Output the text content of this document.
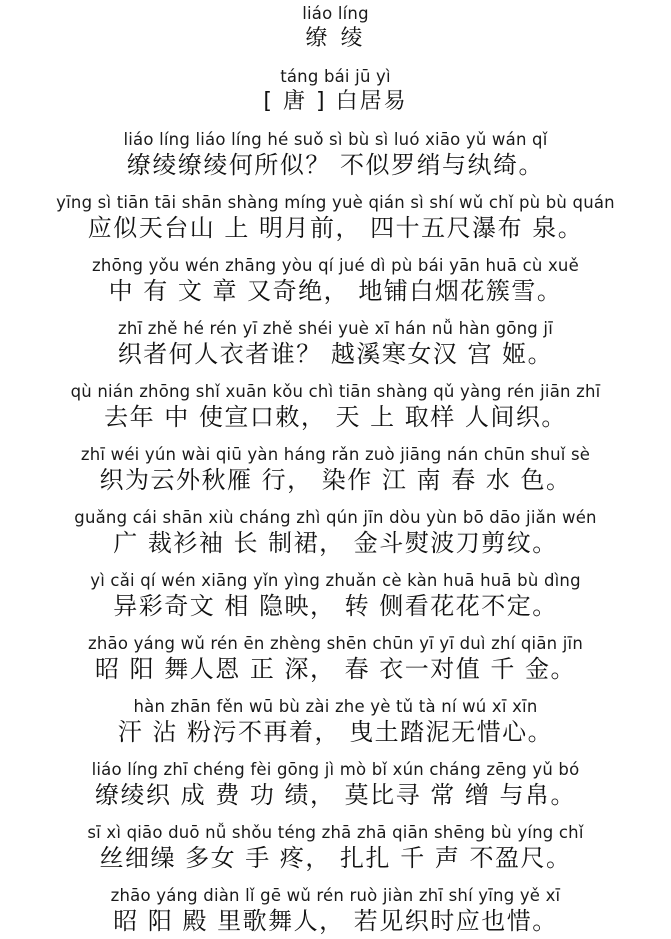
liáo líng
缭 绫
táng bái jū yì
[ 唐 ] 白居易
liáo líng liáo líng hé suǒ sì bù sì luó xiāo yǔ wán qǐ
缭绫缭绫何所似？ 不似罗绡与纨绮。
yīng sì tiān tāi shān shàng míng yuè qián sì shí wǔ chǐ pù bù quán
应似天台山 上 明月前， 四十五尺瀑布 泉。
zhōng yǒu wén zhāng yòu qí jué dì pù bái yān huā cù xuě
中 有 文 章 又奇绝， 地铺白烟花簇雪。
zhī zhě hé rén yī zhě shéi yuè xī hán nǚ hàn gōng jī
织者何人衣者谁？ 越溪寒女汉 宫 姬。
qù nián zhōng shǐ xuān kǒu chì tiān shàng qǔ yàng rén jiān zhī
去年 中 使宣口敕， 天 上 取样 人间织。
zhī wéi yún wài qiū yàn háng rǎn zuò jiāng nán chūn shuǐ sè
织为云外秋雁 行， 染作 江 南 春 水 色。
guǎng cái shān xiù cháng zhì qún jīn dòu yùn bō dāo jiǎn wén
广 裁衫袖 长 制裙， 金斗熨波刀剪纹。
yì cǎi qí wén xiāng yǐn yìng zhuǎn cè kàn huā huā bù dìng
异彩奇文 相 隐映， 转 侧看花花不定。
zhāo yáng wǔ rén ēn zhèng shēn chūn yī yī duì zhí qiān jīn
昭 阳 舞人恩 正 深， 春 衣一对值 千 金。
hàn zhān fěn wū bù zài zhe yè tǔ tà ní wú xī xīn
汗 沾 粉污不再着， 曳土踏泥无惜心。
liáo líng zhī chéng fèi gōng jì mò bǐ xún cháng zēng yǔ bó
缭绫织 成 费 功 绩， 莫比寻 常 缯 与帛。
sī xì qiāo duō nǚ shǒu téng zhā zhā qiān shēng bù yíng chǐ
丝细缲 多女 手 疼， 扎扎 千 声 不盈尺。
zhāo yáng diàn lǐ gē wǔ rén ruò jiàn zhī shí yīng yě xī
昭 阳 殿 里歌舞人， 若见织时应也惜。
